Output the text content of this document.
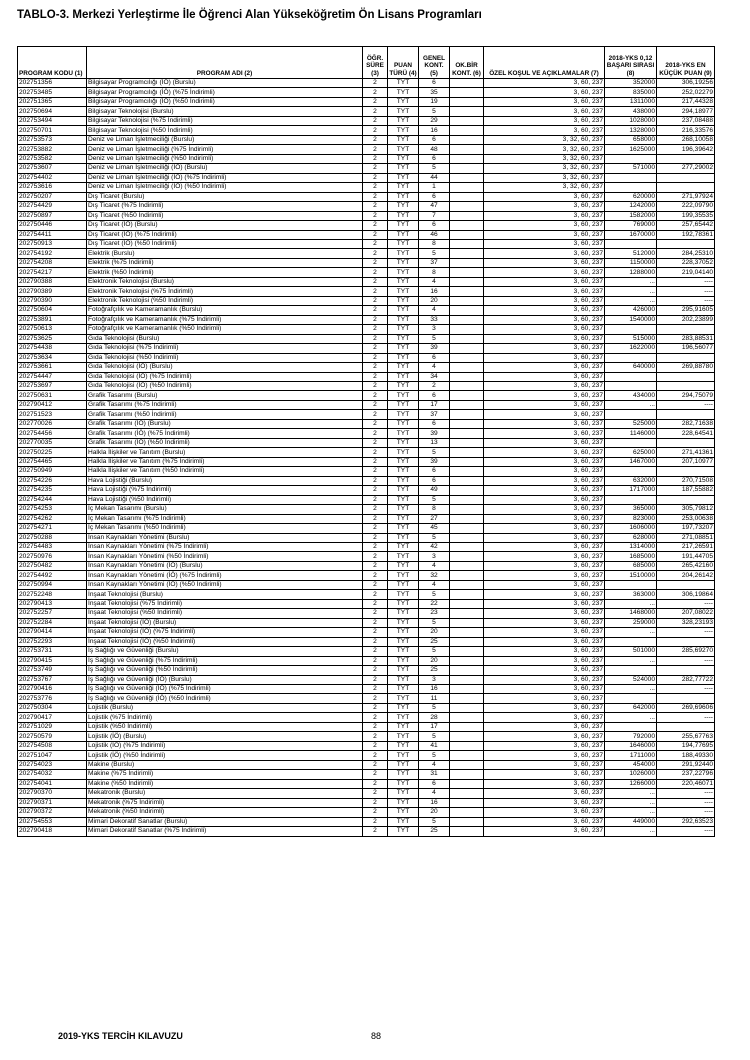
TABLO-3. Merkezi Yerleştirme İle Öğrenci Alan Yükseköğretim Ön Lisans Programları
PROGRAM KODU (1)	PROGRAM ADI (2)	ÖĞR. SÜRE (3)	PUAN TÜRÜ (4)	GENEL KONT. (5)	OK.BİR KONT. (6)	ÖZEL KOŞUL VE AÇIKLAMALAR (7)	2018-YKS 0,12 BAŞARI SIRASI (8)	2018-YKS EN KÜÇÜK PUAN (9)
202751356	Bilgisayar Programcılığı (İÖ) (Burslu)	2	TYT	6		3, 60, 237	352000	306,19256
202753485	Bilgisayar Programcılığı (İÖ) (%75 İndirimli)	2	TYT	35		3, 60, 237	835000	252,02279
202751365	Bilgisayar Programcılığı (İÖ) (%50 İndirimli)	2	TYT	19		3, 60, 237	1311000	217,44328
202750694	Bilgisayar Teknolojisi (Burslu)	2	TYT	5		3, 60, 237	438000	294,18977
202753494	Bilgisayar Teknolojisi (%75 İndirimli)	2	TYT	29		3, 60, 237	1028000	237,08488
202750701	Bilgisayar Teknolojisi (%50 İndirimli)	2	TYT	16		3, 60, 237	1328000	216,33576
202753573	Deniz ve Liman İşletmeciliği (Burslu)	2	TYT	6		3, 32, 60, 237	658000	268,10058
202753882	Deniz ve Liman İşletmeciliği (%75 İndirimli)	2	TYT	48		3, 32, 60, 237	1625000	196,39642
202753582	Deniz ve Liman İşletmeciliği (%50 İndirimli)	2	TYT	6		3, 32, 60, 237		
202753607	Deniz ve Liman İşletmeciliği (İÖ) (Burslu)	2	TYT	5		3, 32, 60, 237	571000	277,29002
202754402	Deniz ve Liman İşletmeciliği (İÖ) (%75 İndirimli)	2	TYT	44		3, 32, 60, 237		
202753616	Deniz ve Liman İşletmeciliği (İÖ) (%50 İndirimli)	2	TYT	1		3, 32, 60, 237		
202750207	Dış Ticaret (Burslu)	2	TYT	6		3, 60, 237	620000	271,97924
202754429	Dış Ticaret (%75 İndirimli)	2	TYT	47		3, 60, 237	1242000	222,09790
202750897	Dış Ticaret (%50 İndirimli)	2	TYT	7		3, 60, 237	1582000	199,35535
202750446	Dış Ticaret (İÖ) (Burslu)	2	TYT	6		3, 60, 237	769000	257,65442
202754411	Dış Ticaret (İÖ) (%75 İndirimli)	2	TYT	46		3, 60, 237	1670000	192,78361
202750913	Dış Ticaret (İÖ) (%50 İndirimli)	2	TYT	8		3, 60, 237		
202754192	Elektrik (Burslu)	2	TYT	5		3, 60, 237	512000	284,25310
202754208	Elektrik (%75 İndirimli)	2	TYT	37		3, 60, 237	1150000	228,37052
202754217	Elektrik (%50 İndirimli)	2	TYT	8		3, 60, 237	1288000	219,04140
202790388	Elektronik Teknolojisi (Burslu)	2	TYT	4		3, 60, 237	...	----
202790389	Elektronik Teknolojisi (%75 İndirimli)	2	TYT	16		3, 60, 237	...	----
202790390	Elektronik Teknolojisi (%50 İndirimli)	2	TYT	20		3, 60, 237	...	----
202750604	Fotoğrafçılık ve Kameramanlık (Burslu)	2	TYT	4		3, 60, 237	426000	295,91605
202753891	Fotoğrafçılık ve Kameramanlık (%75 İndirimli)	2	TYT	33		3, 60, 237	1540000	202,23899
202750613	Fotoğrafçılık ve Kameramanlık (%50 İndirimli)	2	TYT	3		3, 60, 237		
202753625	Gıda Teknolojisi (Burslu)	2	TYT	5		3, 60, 237	515000	283,88531
202754438	Gıda Teknolojisi (%75 İndirimli)	2	TYT	39		3, 60, 237	1622000	196,56077
202753634	Gıda Teknolojisi (%50 İndirimli)	2	TYT	6		3, 60, 237		
202753661	Gıda Teknolojisi (İÖ) (Burslu)	2	TYT	4		3, 60, 237	640000	269,88780
202754447	Gıda Teknolojisi (İÖ) (%75 İndirimli)	2	TYT	34		3, 60, 237		
202753697	Gıda Teknolojisi (İÖ) (%50 İndirimli)	2	TYT	2		3, 60, 237		
202750631	Grafik Tasarımı (Burslu)	2	TYT	6		3, 60, 237	434000	294,75079
202790412	Grafik Tasarımı (%75 İndirimli)	2	TYT	17		3, 60, 237	...	----
202751523	Grafik Tasarımı (%50 İndirimli)	2	TYT	37		3, 60, 237		
202770026	Grafik Tasarımı (İÖ) (Burslu)	2	TYT	6		3, 60, 237	525000	282,71638
202754456	Grafik Tasarımı (İÖ) (%75 İndirimli)	2	TYT	39		3, 60, 237	1146000	228,64541
202770035	Grafik Tasarımı (İÖ) (%50 İndirimli)	2	TYT	13		3, 60, 237		
202750225	Halkla İlişkiler ve Tanıtım (Burslu)	2	TYT	5		3, 60, 237	625000	271,41361
202754465	Halkla İlişkiler ve Tanıtım (%75 İndirimli)	2	TYT	39		3, 60, 237	1467000	207,10977
202750949	Halkla İlişkiler ve Tanıtım (%50 İndirimli)	2	TYT	6		3, 60, 237		
202754226	Hava Lojistiği (Burslu)	2	TYT	6		3, 60, 237	632000	270,71508
202754235	Hava Lojistiği (%75 İndirimli)	2	TYT	49		3, 60, 237	1717000	187,55882
202754244	Hava Lojistiği (%50 İndirimli)	2	TYT	5		3, 60, 237		
202754253	İç Mekan Tasarımı (Burslu)	2	TYT	8		3, 60, 237	365000	305,79812
202754262	İç Mekan Tasarımı (%75 İndirimli)	2	TYT	27		3, 60, 237	823000	253,00638
202754271	İç Mekan Tasarımı (%50 İndirimli)	2	TYT	45		3, 60, 237	1606000	197,73207
202750288	İnsan Kaynakları Yönetimi (Burslu)	2	TYT	5		3, 60, 237	628000	271,08851
202754483	İnsan Kaynakları Yönetimi (%75 İndirimli)	2	TYT	42		3, 60, 237	1314000	217,26591
202750976	İnsan Kaynakları Yönetimi (%50 İndirimli)	2	TYT	3		3, 60, 237	1685000	191,44705
202750482	İnsan Kaynakları Yönetimi (İÖ) (Burslu)	2	TYT	4		3, 60, 237	685000	265,42160
202754492	İnsan Kaynakları Yönetimi (İÖ) (%75 İndirimli)	2	TYT	32		3, 60, 237	1510000	204,26142
202750994	İnsan Kaynakları Yönetimi (İÖ) (%50 İndirimli)	2	TYT	4		3, 60, 237		
202752248	İnşaat Teknolojisi (Burslu)	2	TYT	5		3, 60, 237	363000	306,19864
202790413	İnşaat Teknolojisi (%75 İndirimli)	2	TYT	22		3, 60, 237	...	----
202752257	İnşaat Teknolojisi (%50 İndirimli)	2	TYT	23		3, 60, 237	1468000	207,08022
202752284	İnşaat Teknolojisi (İÖ) (Burslu)	2	TYT	5		3, 60, 237	259000	328,23193
202790414	İnşaat Teknolojisi (İÖ) (%75 İndirimli)	2	TYT	20		3, 60, 237	...	----
202752293	İnşaat Teknolojisi (İÖ) (%50 İndirimli)	2	TYT	25		3, 60, 237		
202753731	İş Sağlığı ve Güvenliği (Burslu)	2	TYT	5		3, 60, 237	501000	285,69270
202790415	İş Sağlığı ve Güvenliği (%75 İndirimli)	2	TYT	20		3, 60, 237	...	----
202753749	İş Sağlığı ve Güvenliği (%50 İndirimli)	2	TYT	25		3, 60, 237		
202753767	İş Sağlığı ve Güvenliği (İÖ) (Burslu)	2	TYT	3		3, 60, 237	524000	282,77722
202790416	İş Sağlığı ve Güvenliği (İÖ) (%75 İndirimli)	2	TYT	16		3, 60, 237	...	----
202753776	İş Sağlığı ve Güvenliği (İÖ) (%50 İndirimli)	2	TYT	11		3, 60, 237		
202750304	Lojistik (Burslu)	2	TYT	5		3, 60, 237	642000	269,69606
202790417	Lojistik (%75 İndirimli)	2	TYT	28		3, 60, 237	...	----
202751029	Lojistik (%50 İndirimli)	2	TYT	17		3, 60, 237		
202750579	Lojistik (İÖ) (Burslu)	2	TYT	5		3, 60, 237	792000	255,67763
202754508	Lojistik (İÖ) (%75 İndirimli)	2	TYT	41		3, 60, 237	1646000	194,77695
202751047	Lojistik (İÖ) (%50 İndirimli)	2	TYT	5		3, 60, 237	1711000	188,49330
202754023	Makine (Burslu)	2	TYT	4		3, 60, 237	454000	291,92440
202754032	Makine (%75 İndirimli)	2	TYT	31		3, 60, 237	1026000	237,22796
202754041	Makine (%50 İndirimli)	2	TYT	6		3, 60, 237	1266000	220,46071
202790370	Mekatronik (Burslu)	2	TYT	4		3, 60, 237	...	----
202790371	Mekatronik (%75 İndirimli)	2	TYT	16		3, 60, 237	...	----
202790372	Mekatronik (%50 İndirimli)	2	TYT	20		3, 60, 237	...	----
202754553	Mimari Dekoratif Sanatlar (Burslu)	2	TYT	5		3, 60, 237	449000	292,63523
202790418	Mimari Dekoratif Sanatlar (%75 İndirimli)	2	TYT	25		3, 60, 237	...	----
2019-YKS TERCİH KILAVUZU	88
